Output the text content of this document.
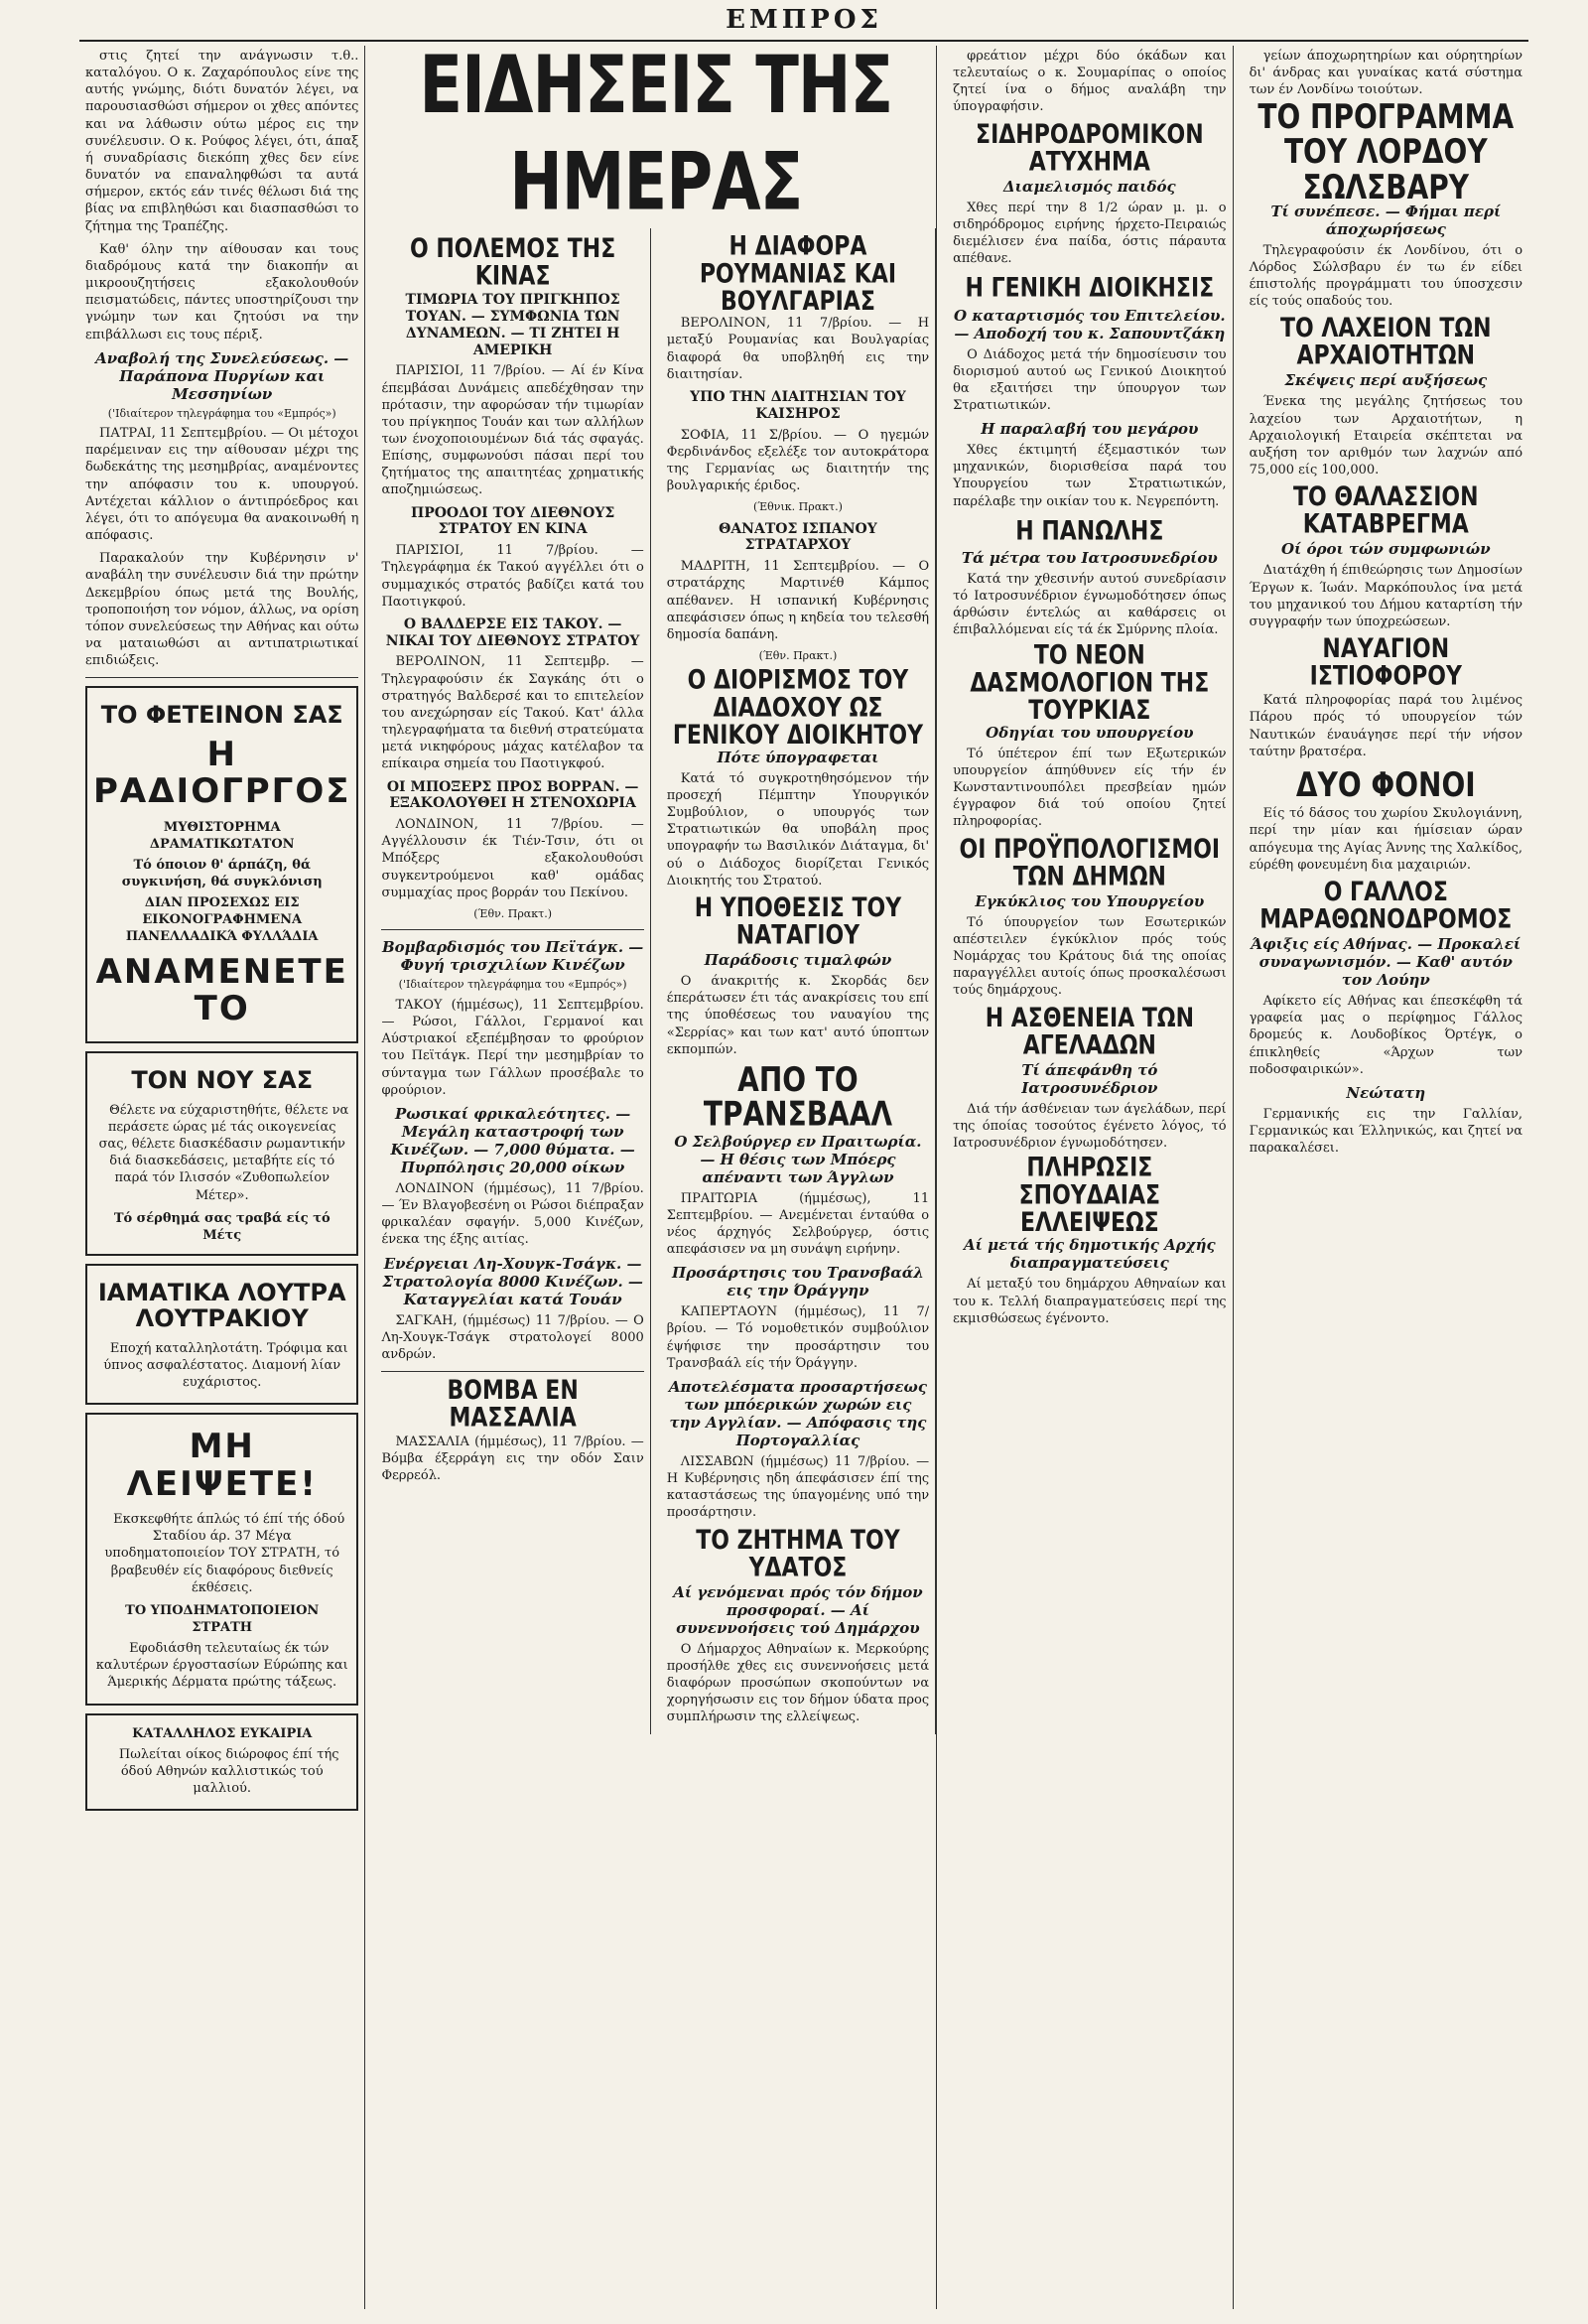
ΕΜΠΡΟΣ

στις ζητεί την ανάγνωσιν τ.θ.. καταλόγου. Ο κ. Ζαχαρόπουλος είνε της αυτής γνώμης, διότι δυνατόν λέγει, να παρουσιασθώσι σήμερον οι χθες απόντες και να λάθωσιν ούτω μέρος εις την συνέλευσιν. Ο κ. Ρούφος λέγει, ότι, άπαξ ή συναδρίασις διεκόπη χθες δεν είνε δυνατόν να επαναληφθώσι τα αυτά σήμερον, εκτός εάν τινές θέλωσι διά της βίας να επιβληθώσι και διασπασθώσι το ζήτημα της Τραπέζης.

Καθ' όλην την αίθουσαν και τους διαδρόμους κατά την διακοπήν αι μικροουζητήσεις εξακολουθούν πεισματώδεις, πάντες υποστηρίζουσι την γνώμην των και ζητούσι να την επιβάλλωσι εις τους πέριξ.

Αναβολή της Συνελεύσεως. — Παράπονα Πυργίων και Μεσσηνίων
('Ιδιαίτερον τηλεγράφημα του «Εμπρός»)

ΠΑΤΡΑΙ, 11 Σεπτεμβρίου. — Οι μέτοχοι παρέμειναν εις την αίθουσαν μέχρι της δωδεκάτης της μεσημβρίας, αναμένοντες την απόφασιν του κ. υπουργού. Αντέχεται κάλλιον ο άντιπρόεδρος και λέγει, ότι το απόγευμα θα ανακοινωθή η απόφασις.

Παρακαλούν την Κυβέρνησιν ν' αναβάλη την συνέλευσιν διά την πρώτην Δεκεμβρίου όπως μετά της Βουλής, τροποποιήση τον νόμον, άλλως, να ορίση τόπον συνελεύσεως την Αθήνας και ούτω να ματαιωθώσι αι αντιπατριωτικαί επιδιώξεις.

ΤΟ ΦΕΤΕΙΝΟΝ ΣΑΣ
Η ΡΑΔΙΟΓΡΓΟΣ
ΜΥΘΙΣΤΟΡΗΜΑ ΔΡΑΜΑΤΙΚΩΤΑΤΟΝ
Τό όποιον θ' άρπάζη, θά συγκινήση, θά συγκλόνιση
ΔΙΑΝ ΠΡΟΣΕΧΩΣ ΕΙΣ ΕΙΚΟΝΟΓΡΑΦΗΜΕΝΑ ΠΑΝΕΛΛΑΔΙΚΆ ΦΥΛΛΆΔΙΑ
ΑΝΑΜΕΝΕΤΕ ΤΟ
ΤΟΝ ΝΟΥ ΣΑΣ

Θέλετε να εύχαριστηθήτε, θέλετε να περάσετε ώρας μέ τάς οικογενείας σας, θέλετε διασκέδασιν ρωμαντικήν διά διασκεδάσεις, μεταβήτε είς τό παρά τόν Ιλισσόν «Ζυθοπωλείον Μέτερ».

Τό σέρθημά σας τραβά είς τό Μέτς
ΙΑΜΑΤΙΚΑ ΛΟΥΤΡΑ ΛΟΥΤΡΑΚΙΟΥ

Εποχή καταλληλοτάτη. Τρόφιμα και ύπνος ασφαλέστατος. Διαμονή λίαν ευχάριστος.

ΜΗ ΛΕΙΨΕΤΕ!

Εκσκεφθήτε άπλώς τό έπί τής όδού Σταδίου άρ. 37 Μέγα υποδηματοποιείον ΤΟΥ ΣΤΡΑΤΗ, τό βραβευθέν είς διαφόρους διεθνείς έκθέσεις.

ΤΟ ΥΠΟΔΗΜΑΤΟΠΟΙΕΙΟΝ ΣΤΡΑΤΗ

Εφοδιάσθη τελευταίως έκ τών καλυτέρων έργοστασίων Εύρώπης και Άμερικής Δέρματα πρώτης τάξεως.

ΚΑΤΑΛΛΗΛΟΣ ΕΥΚΑΙΡΙΑ

Πωλείται οίκος διώροφος έπί τής όδού Αθηνών καλλιστικώς τού μαλλιού.

ΕΙΔΗΣΕΙΣ ΤΗΣ ΗΜΕΡΑΣ
Ο ΠΟΛΕΜΟΣ ΤΗΣ ΚΙΝΑΣ
ΤΙΜΩΡΙΑ ΤΟΥ ΠΡΙΓΚΗΠΟΣ ΤΟΥΑΝ. — ΣΥΜΦΩΝΙΑ ΤΩΝ ΔΥΝΑΜΕΩΝ. — ΤΙ ΖΗΤΕΙ Η ΑΜΕΡΙΚΗ

ΠΑΡΙΣΙΟΙ, 11 7/βρίου. — Αί έν Κίνα έπεμβάσαι Δυνάμεις απεδέχθησαν την πρότασιν, την αφορώσαν τήν τιμωρίαν του πρίγκηπος Τουάν και των αλλήλων των ένοχοποιουμένων διά τάς σφαγάς. Επίσης, συμφωνούσι πάσαι περί του ζητήματος της απαιτητέας χρηματικής αποζημιώσεως.

ΠΡΟΟΔΟΙ ΤΟΥ ΔΙΕΘΝΟΥΣ ΣΤΡΑΤΟΥ ΕΝ ΚΙΝΑ

ΠΑΡΙΣΙΟΙ, 11 7/βρίου. — Τηλεγράφημα έκ Τακού αγγέλλει ότι ο συμμαχικός στρατός βαδίζει κατά του Παοτιγκφού.

Ο ΒΑΛΔΕΡΣΕ ΕΙΣ ΤΑΚΟΥ. — ΝΙΚΑΙ ΤΟΥ ΔΙΕΘΝΟΥΣ ΣΤΡΑΤΟΥ

ΒΕΡΟΛΙΝΟΝ, 11 Σεπτεμβρ. — Τηλεγραφούσιν έκ Σαγκάης ότι ο στρατηγός Βαλδερσέ και το επιτελείον του ανεχώρησαν είς Τακού. Κατ' άλλα τηλεγραφήματα τα διεθνή στρατεύματα μετά νικηφόρους μάχας κατέλαβον τα επίκαιρα σημεία του Παοτιγκφού.

ΟΙ ΜΠΟΞΕΡΣ ΠΡΟΣ ΒΟΡΡΑΝ. — ΕΞΑΚΟΛΟΥΘΕΙ Η ΣΤΕΝΟΧΩΡΙΑ

ΛΟΝΔΙΝΟΝ, 11 7/βρίου. — Αγγέλλουσιν έκ Τιέν-Τσιν, ότι οι Μπόξερς εξακολουθούσι συγκεντρούμενοι καθ' ομάδας συμμαχίας προς βορράν του Πεκίνου.

(Έθν. Πρακτ.)
Βομβαρδισμός του Πεϊτάγκ. — Φυγή τρισχιλίων Κινέζων
('Ιδιαίτερον τηλεγράφημα του «Εμπρός»)

ΤΑΚΟΥ (ήμμέσως), 11 Σεπτεμβρίου. — Ρώσοι, Γάλλοι, Γερμανοί και Αύστριακοί εξεπέμβησαν το φρούριον του Πεϊτάγκ. Περί την μεσημβρίαν το σύνταγμα των Γάλλων προσέβαλε το φρούριον.

Ρωσικαί φρικαλεότητες. — Μεγάλη καταστροφή των Κινέζων. — 7,000 θύματα. — Πυρπόλησις 20,000 οίκων

ΛΟΝΔΙΝΟΝ (ήμμέσως), 11 7/βρίου. — Έν Βλαγοβεσένη οι Ρώσοι διέπραξαν φρικαλέαν σφαγήν. 5,000 Κινέζων, ένεκα της έξης αιτίας.

Ενέργειαι Λη-Χουγκ-Τσάγκ. — Στρατολογία 8000 Κινέζων. — Καταγγελίαι κατά Τουάν

ΣΑΓΚΑΗ, (ήμμέσως) 11 7/βρίου. — Ο Λη-Χουγκ-Τσάγκ στρατολογεί 8000 ανδρών.

ΒΟΜΒΑ ΕΝ ΜΑΣΣΑΛΙΑ

ΜΑΣΣΑΛΙΑ (ήμμέσως), 11 7/βρίου. — Βόμβα έξερράγη εις την οδόν Σαιν Φερρεόλ.

Η ΔΙΑΦΟΡΑ ΡΟΥΜΑΝΙΑΣ ΚΑΙ ΒΟΥΛΓΑΡΙΑΣ

ΒΕΡΟΛΙΝΟΝ, 11 7/βρίου. — Η μεταξύ Ρουμανίας και Βουλγαρίας διαφορά θα υποβληθή εις την διαιτησίαν.

ΥΠΟ ΤΗΝ ΔΙΑΙΤΗΣΙΑΝ ΤΟΥ ΚΑΙΣΗΡΟΣ

ΣΟΦΙΑ, 11 Σ/βρίου. — Ο ηγεμών Φερδινάνδος εξελέξε τον αυτοκράτορα της Γερμανίας ως διαιτητήν της βουλγαρικής έριδος.

(Έθνικ. Πρακτ.)
ΘΑΝΑΤΟΣ ΙΣΠΑΝΟΥ ΣΤΡΑΤΑΡΧΟΥ

ΜΑΔΡΙΤΗ, 11 Σεπτεμβρίου. — Ο στρατάρχης Μαρτινέθ Κάμπος απέθανεν. Η ισπανική Κυβέρνησις απεφάσισεν όπως η κηδεία του τελεσθή δημοσία δαπάνη.

(Έθν. Πρακτ.)
Ο ΔΙΟΡΙΣΜΟΣ ΤΟΥ ΔΙΑΔΟΧΟΥ ΩΣ ΓΕΝΙΚΟΥ ΔΙΟΙΚΗΤΟΥ
Πότε ύπογραφεται

Κατά τό συγκροτηθησόμενον τήν προσεχή Πέμπτην Υπουργικόν Συμβούλιον, ο υπουργός των Στρατιωτικών θα υποβάλη προς υπογραφήν τω Βασιλικόν Διάταγμα, δι' ού ο Διάδοχος διορίζεται Γενικός Διοικητής του Στρατού.

Η ΥΠΟΘΕΣΙΣ ΤΟΥ ΝΑΤΑΓΙΟΥ
Παράδοσις τιμαλφών

Ο άνακριτής κ. Σκορδάς δεν έπεράτωσεν έτι τάς ανακρίσεις του επί της ύποθέσεως του ναυαγίου της «Σερρίας» και των κατ' αυτό ύποπτων εκπομπών.

ΑΠΟ ΤΟ ΤΡΑΝΣΒΑΑΛ
Ο Σελβούργερ εν Πραιτωρία. — Η θέσις των Μπόερς απέναντι των Άγγλων

ΠΡΑΙΤΩΡΙΑ (ήμμέσως), 11 Σεπτεμβρίου. — Ανεμένεται ένταύθα ο νέος άρχηγός Σελβούργερ, όστις απεφάσισεν να μη συνάψη ειρήνην.

Προσάρτησις του Τρανσβαάλ εις την Όράγγην

ΚΑΠΕΡΤΑΟΥΝ (ήμμέσως), 11 7/βρίου. — Τό νομοθετικόν συμβούλιον έψήφισε την προσάρτησιν του Τρανσβαάλ είς τήν Όράγγην.

Αποτελέσματα προσαρτήσεως των μπόερικών χωρών εις την Αγγλίαν. — Απόφασις της Πορτογαλλίας

ΛΙΣΣΑΒΩΝ (ήμμέσως) 11 7/βρίου. — Η Κυβέρνησις ηδη άπεφάσισεν έπί της καταστάσεως της ύπαγομένης υπό την προσάρτησιν.

ΤΟ ΖΗΤΗΜΑ ΤΟΥ ΥΔΑΤΟΣ
Αί γενόμεναι πρός τόν δήμον προσφοραί. — Αί συνεννοήσεις τού Δημάρχου

Ο Δήμαρχος Αθηναίων κ. Μερκούρης προσήλθε χθες εις συνεννοήσεις μετά διαφόρων προσώπων σκοπούντων να χορηγήσωσιν εις τον δήμον ύδατα προς συμπλήρωσιν της ελλείψεως.

φρεάτιον μέχρι δύο όκάδων και τελευταίως ο κ. Σουμαρίπας ο οποίος ζητεί ίνα ο δήμος αναλάβη την ύπογραφήσιν.

ΣΙΔΗΡΟΔΡΟΜΙΚΟΝ ΑΤΥΧΗΜΑ
Διαμελισμός παιδός

Χθες περί την 8 1/2 ώραν μ. μ. ο σιδηρόδρομος ειρήνης ήρχετο-Πειραιώς διεμέλισεν ένα παίδα, όστις πάραυτα απέθανε.

Η ΓΕΝΙΚΗ ΔΙΟΙΚΗΣΙΣ
Ο καταρτισμός του Επιτελείου. — Αποδοχή του κ. Σαπουντζάκη

Ο Διάδοχος μετά τήν δημοσίευσιν του διορισμού αυτού ως Γενικού Διοικητού θα εξαιτήσει την ύπουργον των Στρατιωτικών.

Η παραλαβή του μεγάρου

Χθες έκτιμητή έξεμαστικόν των μηχανικών, διορισθείσα παρά του Υπουργείου των Στρατιωτικών, παρέλαβε την οικίαν του κ. Νεγρεπόντη.

Η ΠΑΝΩΛΗΣ
Τά μέτρα του Ιατροσυνεδρίου

Κατά την χθεσινήν αυτού συνεδρίασιν τό Ιατροσυνέδριον έγνωμοδότησεν όπως άρθώσιν έντελώς αι καθάρσεις οι έπιβαλλόμεναι είς τά έκ Σμύρνης πλοία.

ΤΟ ΝΕΟΝ ΔΑΣΜΟΛΟΓΙΟΝ ΤΗΣ ΤΟΥΡΚΙΑΣ
Οδηγίαι του υπουργείου

Τό ύπέτερον έπί των Εξωτερικών υπουργείον άπηύθυνεν είς τήν έν Κωνσταντινουπόλει πρεσβείαν ημών έγγραφον διά τού οποίου ζητεί πληροφορίας.

ΟΙ ΠΡΟΫΠΟΛΟΓΙΣΜΟΙ ΤΩΝ ΔΗΜΩΝ
Εγκύκλιος του Υπουργείου

Τό ύπουργείον των Εσωτερικών απέστειλεν έγκύκλιον πρός τούς Νομάρχας του Κράτους διά της οποίας παραγγέλλει αυτοίς όπως προσκαλέσωσι τούς δημάρχους.

Η ΑΣΘΕΝΕΙΑ ΤΩΝ ΑΓΕΛΑΔΩΝ
Τί άπεφάνθη τό Ιατροσυνέδριον

Διά τήν άσθένειαν των άγελάδων, περί της όποίας τοσούτος έγένετο λόγος, τό Ιατροσυνέδριον έγνωμοδότησεν.

ΠΛΗΡΩΣΙΣ ΣΠΟΥΔΑΙΑΣ ΕΛΛΕΙΨΕΩΣ
Αί μετά τής δημοτικής Αρχής διαπραγματεύσεις

Αί μεταξύ του δημάρχου Αθηναίων και του κ. Τελλή διαπραγματεύσεις περί της εκμισθώσεως έγένοντο.

γείων άποχωρητηρίων και ούρητηρίων δι' άνδρας και γυναίκας κατά σύστημα των έν Λονδίνω τοιούτων.

ΤΟ ΠΡΟΓΡΑΜΜΑ ΤΟΥ ΛΟΡΔΟΥ ΣΩΛΣΒΑΡΥ
Τί συνέπεσε. — Φήμαι περί άποχωρήσεως

Τηλεγραφούσιν έκ Λονδίνου, ότι ο Λόρδος Σώλσβαρυ έν τω έν είδει έπιστολής προγράμματι του ύποσχεσιν είς τούς οπαδούς του.

ΤΟ ΛΑΧΕΙΟΝ ΤΩΝ ΑΡΧΑΙΟΤΗΤΩΝ
Σκέψεις περί αυξήσεως

Ένεκα της μεγάλης ζητήσεως του λαχείου των Αρχαιοτήτων, η Αρχαιολογική Εταιρεία σκέπτεται να αυξήση τον αριθμόν των λαχνών από 75,000 είς 100,000.

ΤΟ ΘΑΛΑΣΣΙΟΝ ΚΑΤΑΒΡΕΓΜΑ
Οί όροι τών συμφωνιών

Διατάχθη ή έπιθεώρησις των Δημοσίων Έργων κ. Ίωάν. Μαρκόπουλος ίνα μετά του μηχανικού του Δήμου καταρτίση τήν συγγραφήν των ύποχρεώσεων.

ΝΑΥΑΓΙΟΝ ΙΣΤΙΟΦΟΡΟΥ

Κατά πληροφορίας παρά του λιμένος Πάρου πρός τό υπουργείον τών Ναυτικών έναυάγησε περί τήν νήσον ταύτην βρατσέρα.

ΔΥΟ ΦΟΝΟΙ

Είς τό δάσος του χωρίου Σκυλογιάννη, περί την μίαν και ήμίσειαν ώραν απόγευμα της Αγίας Άννης της Χαλκίδος, εύρέθη φονευμένη δια μαχαιριών.

Ο ΓΑΛΛΟΣ ΜΑΡΑΘΩΝΟΔΡΟΜΟΣ
Άφιξις είς Αθήνας. — Προκαλεί συναγωνισμόν. — Καθ' αυτόν τον Λούην

Αφίκετο είς Αθήνας και έπεσκέφθη τά γραφεία μας ο περίφημος Γάλλος δρομεύς κ. Λουδοβίκος Όρτέγκ, ο έπικληθείς «Άρχων των ποδοσφαιρικών».

Νεώτατη

Γερμανικής εις την Γαλλίαν, Γερμανικώς και Έλληνικώς, και ζητεί να παρακαλέσει.
